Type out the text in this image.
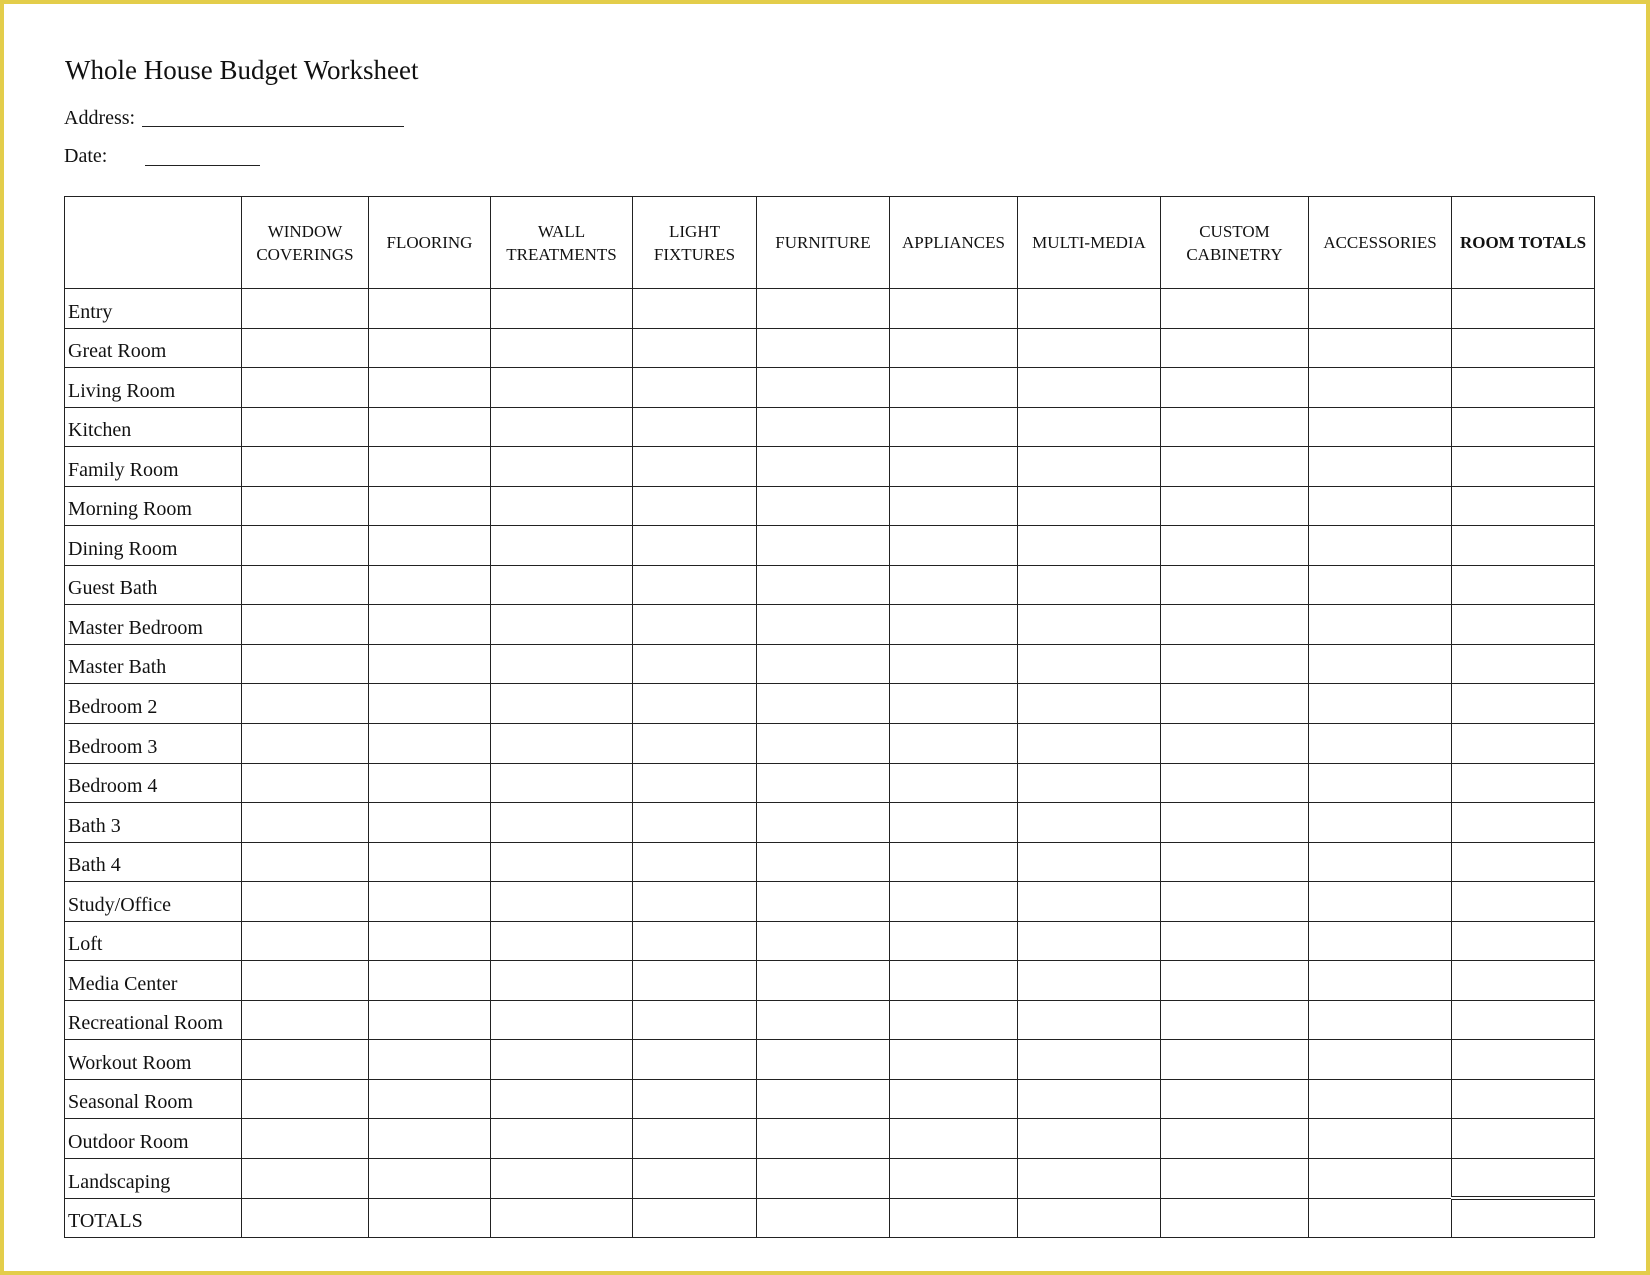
Whole House Budget Worksheet
Address:
Date:
	WINDOW COVERINGS	FLOORING	WALL TREATMENTS	LIGHT FIXTURES	FURNITURE	APPLIANCES	MULTI-MEDIA	CUSTOM CABINETRY	ACCESSORIES	ROOM TOTALS
Entry										
Great Room										
Living Room										
Kitchen										
Family Room										
Morning Room										
Dining Room										
Guest Bath										
Master Bedroom										
Master Bath										
Bedroom 2										
Bedroom 3										
Bedroom 4										
Bath 3										
Bath 4										
Study/Office										
Loft										
Media Center										
Recreational Room										
Workout Room										
Seasonal Room										
Outdoor Room										
Landscaping										
TOTALS										
